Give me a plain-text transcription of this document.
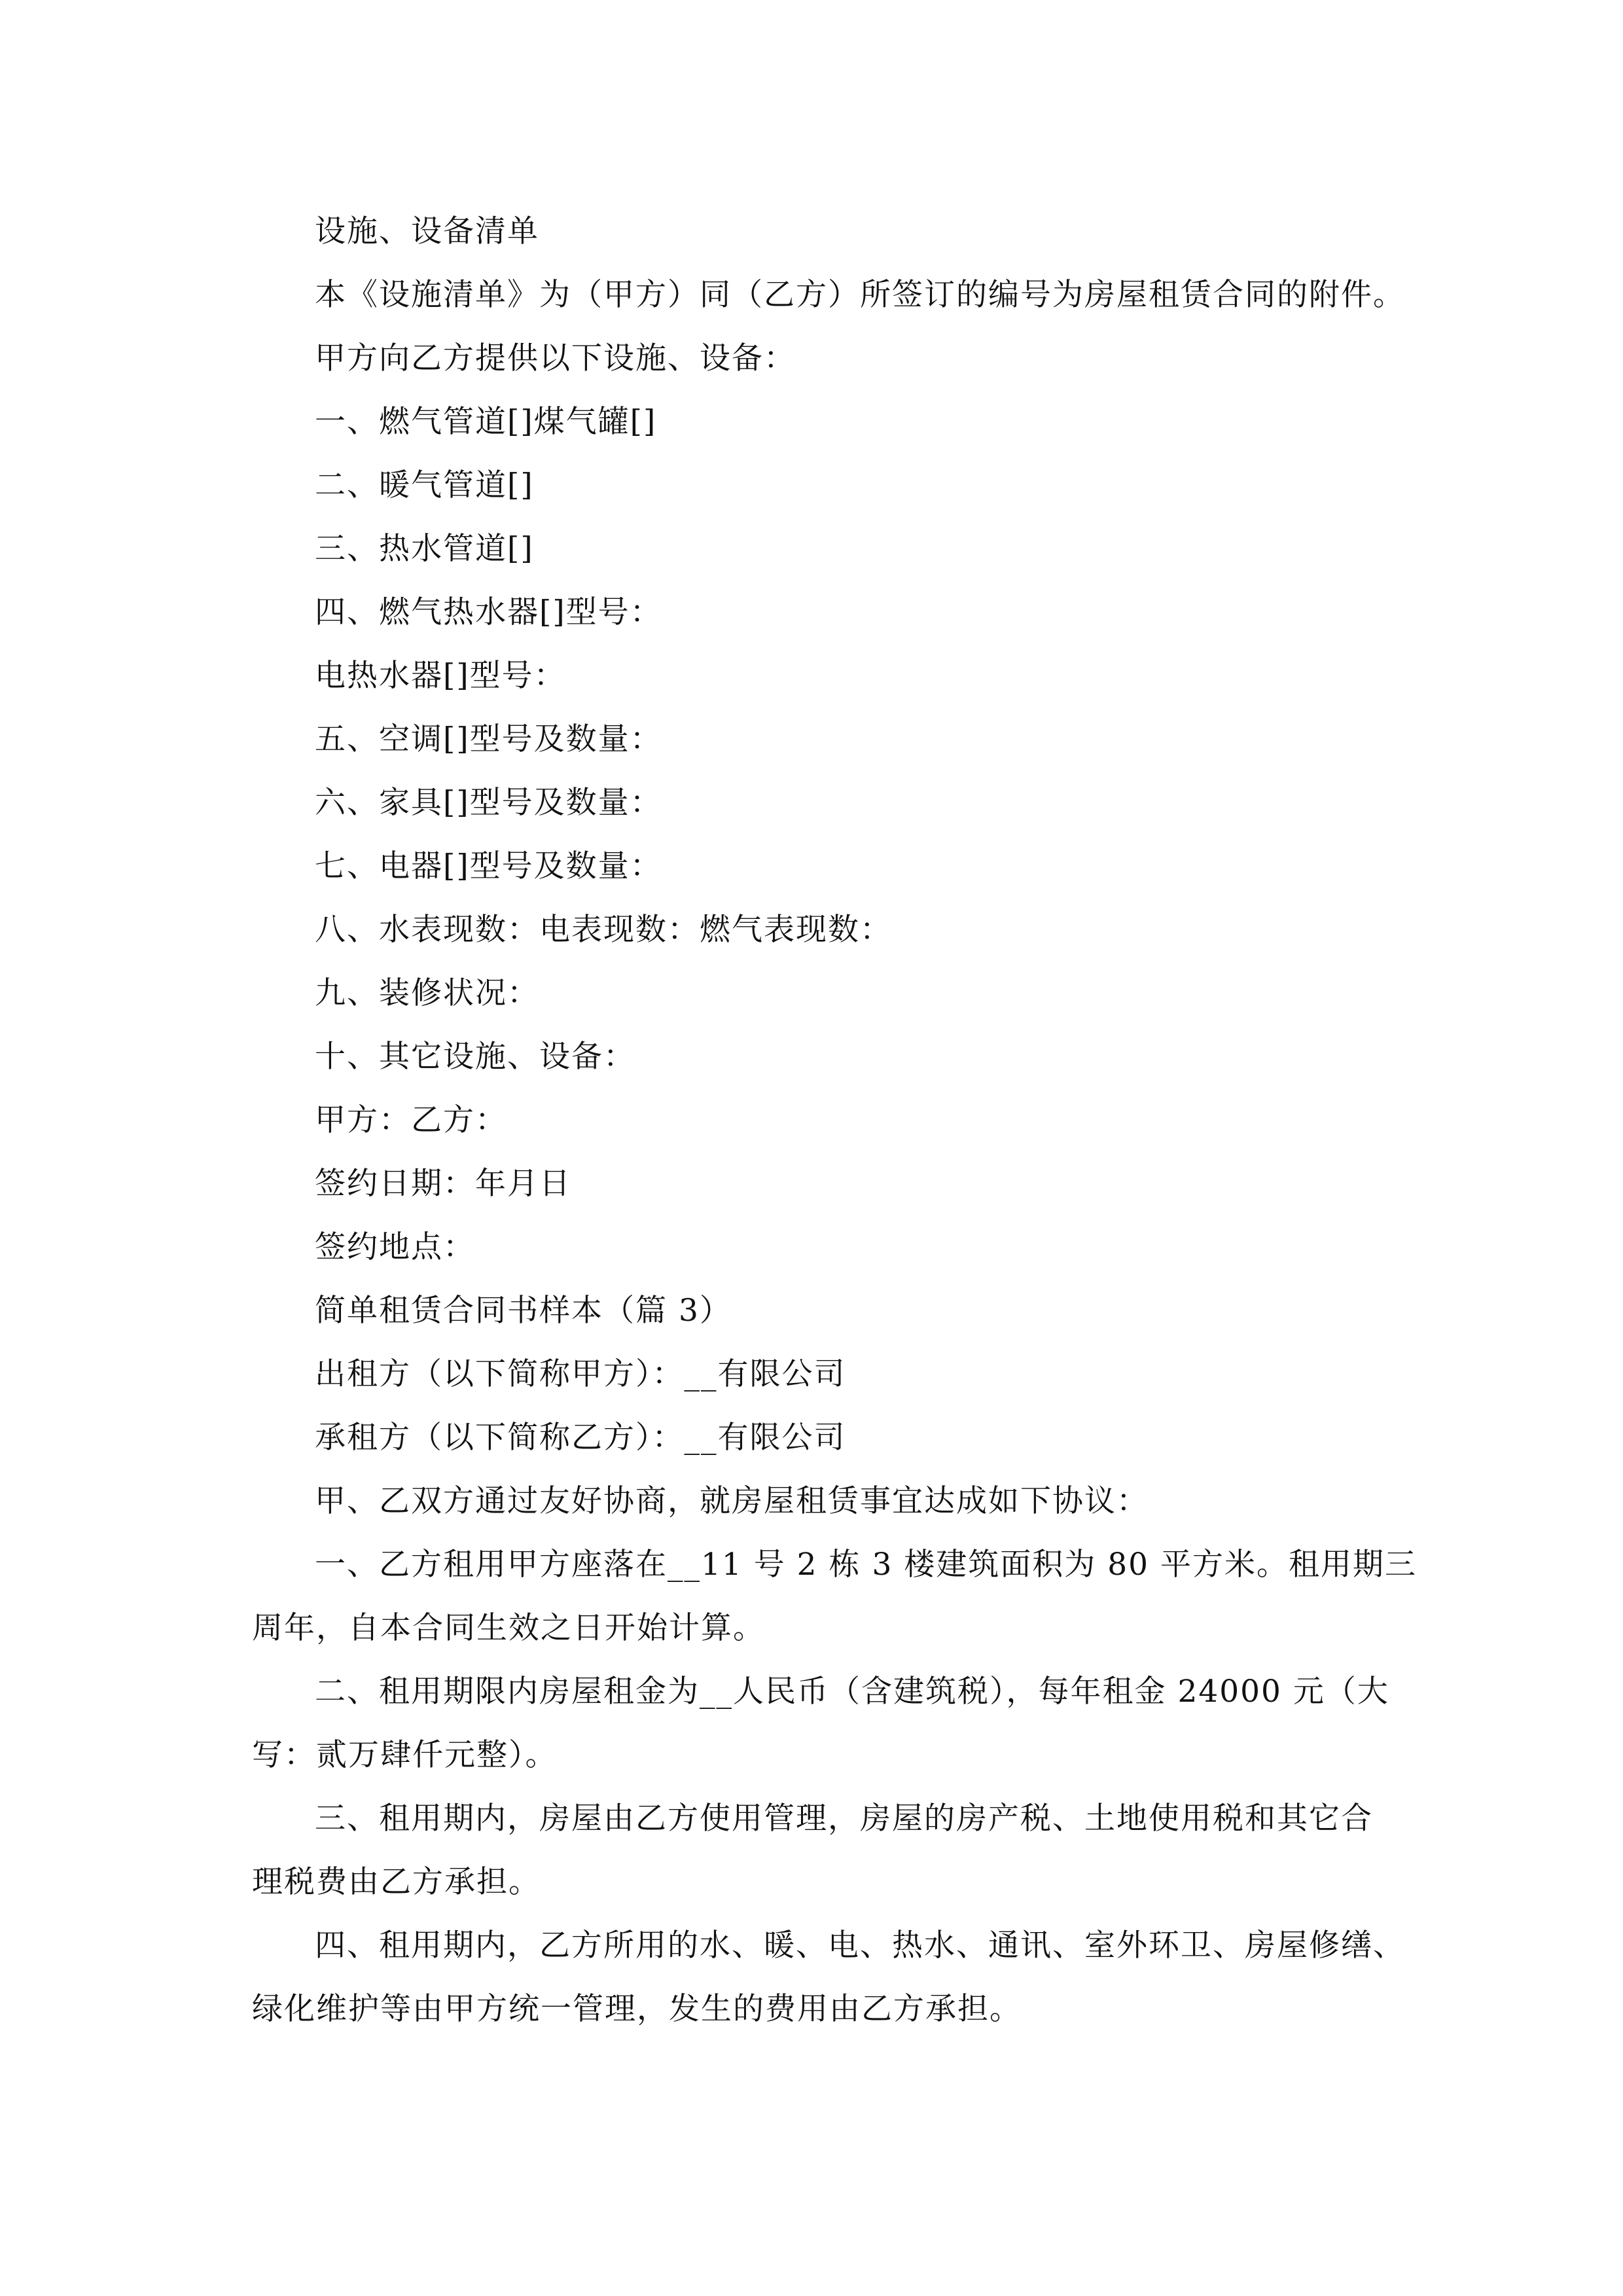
设施、设备清单
本《设施清单》为（甲方）同（乙方）所签订的编号为房屋租赁合同的附件。
甲方向乙方提供以下设施、设备：
一、燃气管道[]煤气罐[]
二、暖气管道[]
三、热水管道[]
四、燃气热水器[]型号：
电热水器[]型号：
五、空调[]型号及数量：
六、家具[]型号及数量：
七、电器[]型号及数量：
八、水表现数：电表现数：燃气表现数：
九、装修状况：
十、其它设施、设备：
甲方：乙方：
签约日期：年月日
签约地点：
简单租赁合同书样本（篇 3）
出租方（以下简称甲方）：__有限公司
承租方（以下简称乙方）：__有限公司
甲、乙双方通过友好协商，就房屋租赁事宜达成如下协议：
一、乙方租用甲方座落在__11 号 2 栋 3 楼建筑面积为 80 平方米。租用期三
周年，自本合同生效之日开始计算。
二、租用期限内房屋租金为__人民币（含建筑税），每年租金 24000 元（大
写：贰万肆仟元整）。
三、租用期内，房屋由乙方使用管理，房屋的房产税、土地使用税和其它合
理税费由乙方承担。
四、租用期内，乙方所用的水、暖、电、热水、通讯、室外环卫、房屋修缮、
绿化维护等由甲方统一管理，发生的费用由乙方承担。
